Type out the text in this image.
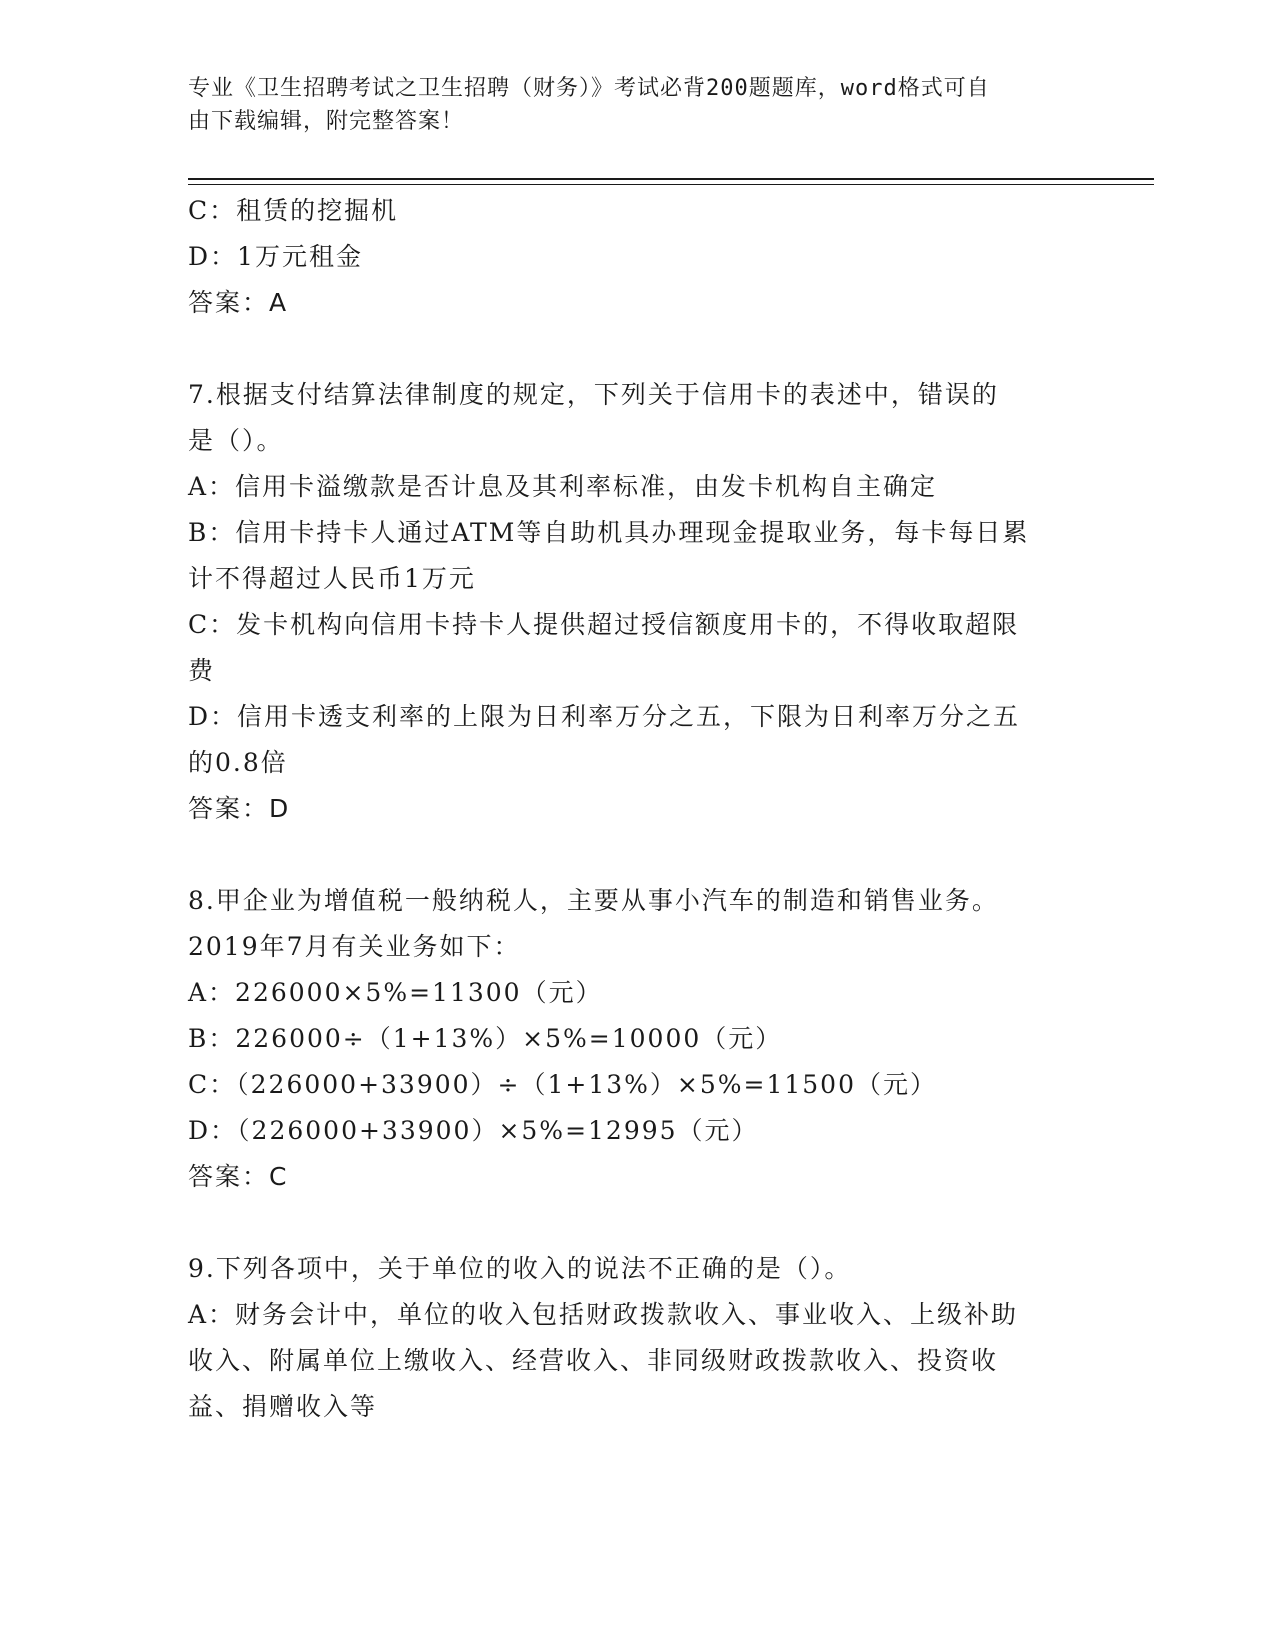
专业《卫生招聘考试之卫生招聘（财务）》考试必背200题题库，word格式可自
由下载编辑，附完整答案！

C：租赁的挖掘机

D：1万元租金

答案：A

7.根据支付结算法律制度的规定，下列关于信用卡的表述中，错误的

是（）。

A：信用卡溢缴款是否计息及其利率标准，由发卡机构自主确定

B：信用卡持卡人通过ATM等自助机具办理现金提取业务，每卡每日累

计不得超过人民币1万元

C：发卡机构向信用卡持卡人提供超过授信额度用卡的，不得收取超限

费

D：信用卡透支利率的上限为日利率万分之五，下限为日利率万分之五

的0.8倍

答案：D

8.甲企业为增值税一般纳税人，主要从事小汽车的制造和销售业务。

2019年7月有关业务如下：

A：226000×5%=11300（元）

B：226000÷（1+13%）×5%=10000（元）

C：（226000+33900）÷（1+13%）×5%=11500（元）

D：（226000+33900）×5%=12995（元）

答案：C

9.下列各项中，关于单位的收入的说法不正确的是（）。

A：财务会计中，单位的收入包括财政拨款收入、事业收入、上级补助

收入、附属单位上缴收入、经营收入、非同级财政拨款收入、投资收

益、捐赠收入等
